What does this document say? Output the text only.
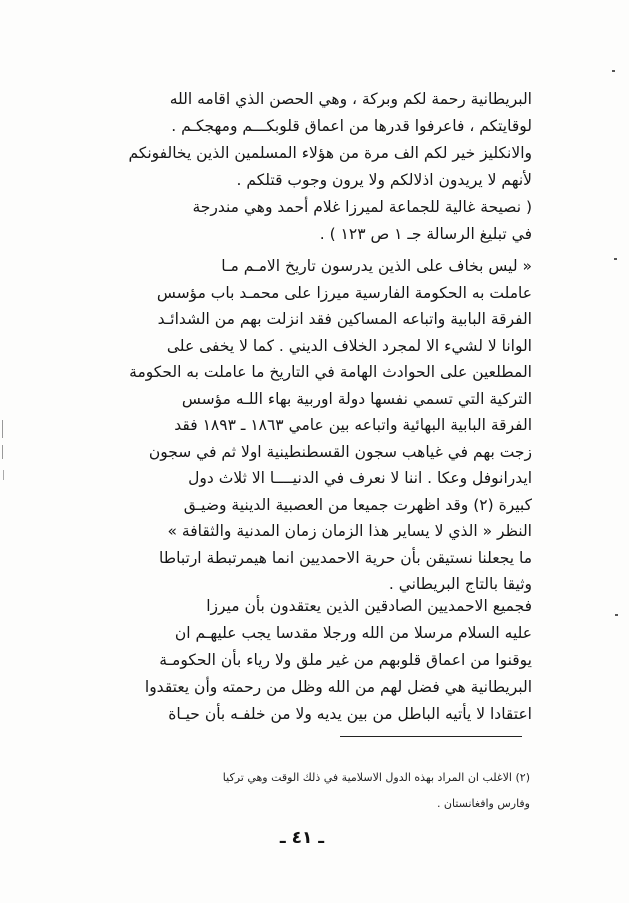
البريطانية رحمة لكم وبركة ، وهي الحصن الذي اقامه الله
لوقايتكم ، فاعرفوا قدرها من اعماق قلوبكـــم ومهجكـم .
والانكليز خير لكم الف مرة من هؤلاء المسلمين الذين يخالفونكم
لأنهم لا يريدون اذلالكم ولا يرون وجوب قتلكم .
( نصيحة غالية للجماعة لميرزا غلام أحمد وهي مندرجة
في تبليغ الرسالة جـ ١ ص ١٢٣ ) .
« ليس بخاف على الذين يدرسون تاريخ الامـم مـا
عاملت به الحكومة الفارسية ميرزا على محمـد باب مؤسس
الفرقة البابية واتباعه المساكين فقد انزلت بهم من الشدائـد
الوانا لا لشيء الا لمجرد الخلاف الديني . كما لا يخفى على
المطلعين على الحوادث الهامة في التاريخ ما عاملت به الحكومة
التركية التي تسمي نفسها دولة اوربية بهاء اللـه مؤسس
الفرقة البابية البهائية واتباعه بين عامي ١٨٦٣ ـ ١٨٩٣ فقد
زجت بهم في غياهب سجون القسطنطينية اولا ثم في سجون
ايدرانوفل وعكا . اننا لا نعرف في الدنيــــا الا ثلاث دول
كبيرة (٢) وقد اظهرت جميعا من العصبية الدينية وضيـق
النظر « الذي لا يساير هذا الزمان زمان المدنية والثقافة »
ما يجعلنا نستيقن بأن حرية الاحمديين انما هيمرتبطة ارتباطا
وثيقا بالتاج البريطاني .
فجميع الاحمديين الصادقين الذين يعتقدون بأن ميرزا
عليه السلام مرسلا من الله ورجلا مقدسا يجب عليهـم ان
يوقنوا من اعماق قلوبهم من غير ملق ولا رياء بأن الحكومـة
البريطانية هي فضل لهم من الله وظل من رحمته وأن يعتقدوا
اعتقادا لا يأتيه الباطل من بين يديه ولا من خلفـه بأن حيـاة
(٢) الاغلب ان المراد بهذه الدول الاسلامية في ذلك الوقت وهي تركيا
وفارس وافغانستان .
ـ ٤١ ـ
